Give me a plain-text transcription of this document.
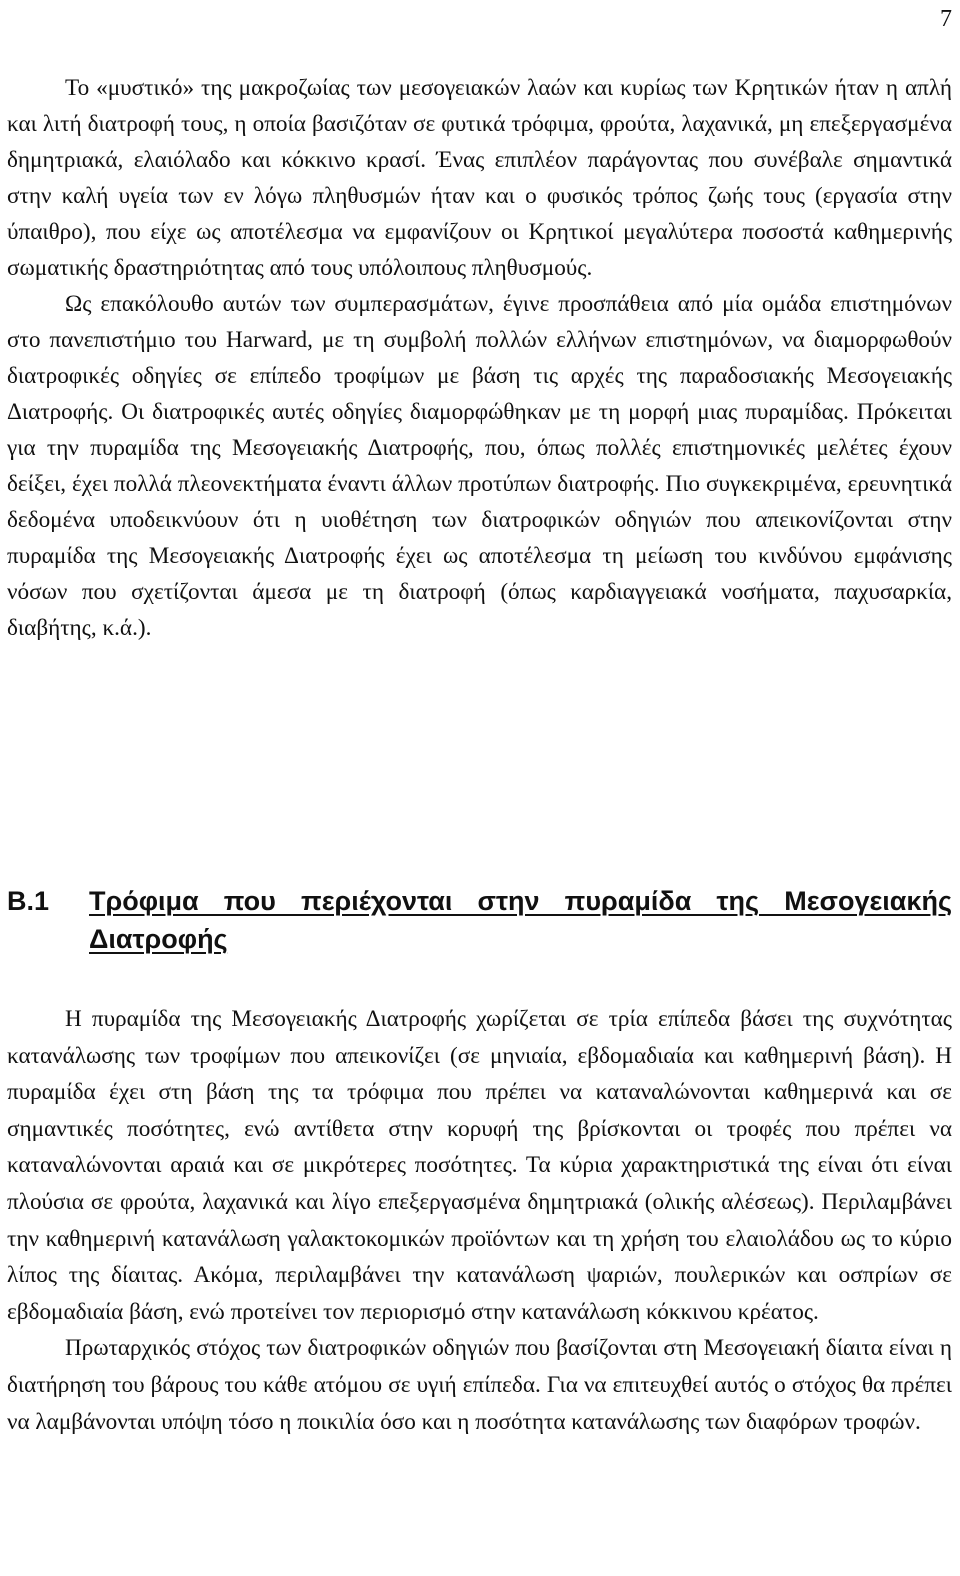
7

Το «μυστικό» της μακροζωίας των μεσογειακών λαών και κυρίως των Κρητικών ήταν η απλή και λιτή διατροφή τους, η οποία βασιζόταν σε φυτικά τρόφιμα, φρούτα, λαχανικά, μη επεξεργασμένα δημητριακά, ελαιόλαδο και κόκκινο κρασί. Ένας επιπλέον παράγοντας που συνέβαλε σημαντικά στην καλή υγεία των εν λόγω πληθυσμών ήταν και ο φυσικός τρόπος ζωής τους (εργασία στην ύπαιθρο), που είχε ως αποτέλεσμα να εμφανίζουν οι Κρητικοί μεγαλύτερα ποσοστά καθημερινής σωματικής δραστηριότητας από τους υπόλοιπους πληθυσμούς.

Ως επακόλουθο αυτών των συμπερασμάτων, έγινε προσπάθεια από μία ομάδα επιστημόνων στο πανεπιστήμιο του Harward, με τη συμβολή πολλών ελλήνων επιστημόνων, να διαμορφωθούν διατροφικές οδηγίες σε επίπεδο τροφίμων με βάση τις αρχές της παραδοσιακής Μεσογειακής Διατροφής. Οι διατροφικές αυτές οδηγίες διαμορφώθηκαν με τη μορφή μιας πυραμίδας. Πρόκειται για την πυραμίδα της Μεσογειακής Διατροφής, που, όπως πολλές επιστημονικές μελέτες έχουν δείξει, έχει πολλά πλεονεκτήματα έναντι άλλων προτύπων διατροφής. Πιο συγκεκριμένα, ερευνητικά δεδομένα υποδεικνύουν ότι η υιοθέτηση των διατροφικών οδηγιών που απεικονίζονται στην πυραμίδα της Μεσογειακής Διατροφής έχει ως αποτέλεσμα τη μείωση του κινδύνου εμφάνισης νόσων που σχετίζονται άμεσα με τη διατροφή (όπως καρδιαγγειακά νοσήματα, παχυσαρκία, διαβήτης, κ.ά.).

Β.1	Τρόφιμα που περιέχονται στην πυραμίδα της Μεσογειακής Διατροφής

Η πυραμίδα της Μεσογειακής Διατροφής χωρίζεται σε τρία επίπεδα βάσει της συχνότητας κατανάλωσης των τροφίμων που απεικονίζει (σε μηνιαία, εβδομαδιαία και καθημερινή βάση). Η πυραμίδα έχει στη βάση της τα τρόφιμα που πρέπει να καταναλώνονται καθημερινά και σε σημαντικές ποσότητες, ενώ αντίθετα στην κορυφή της βρίσκονται οι τροφές που πρέπει να καταναλώνονται αραιά και σε μικρότερες ποσότητες. Τα κύρια χαρακτηριστικά της είναι ότι είναι πλούσια σε φρούτα, λαχανικά και λίγο επεξεργασμένα δημητριακά (ολικής αλέσεως). Περιλαμβάνει την καθημερινή κατανάλωση γαλακτοκομικών προϊόντων και τη χρήση του ελαιολάδου ως το κύριο λίπος της δίαιτας. Ακόμα, περιλαμβάνει την κατανάλωση ψαριών, πουλερικών και οσπρίων σε εβδομαδιαία βάση, ενώ προτείνει τον περιορισμό στην κατανάλωση κόκκινου κρέατος.

Πρωταρχικός στόχος των διατροφικών οδηγιών που βασίζονται στη Μεσογειακή δίαιτα είναι η διατήρηση του βάρους του κάθε ατόμου σε υγιή επίπεδα. Για να επιτευχθεί αυτός ο στόχος θα πρέπει να λαμβάνονται υπόψη τόσο η ποικιλία όσο και η ποσότητα κατανάλωσης των διαφόρων τροφών.
